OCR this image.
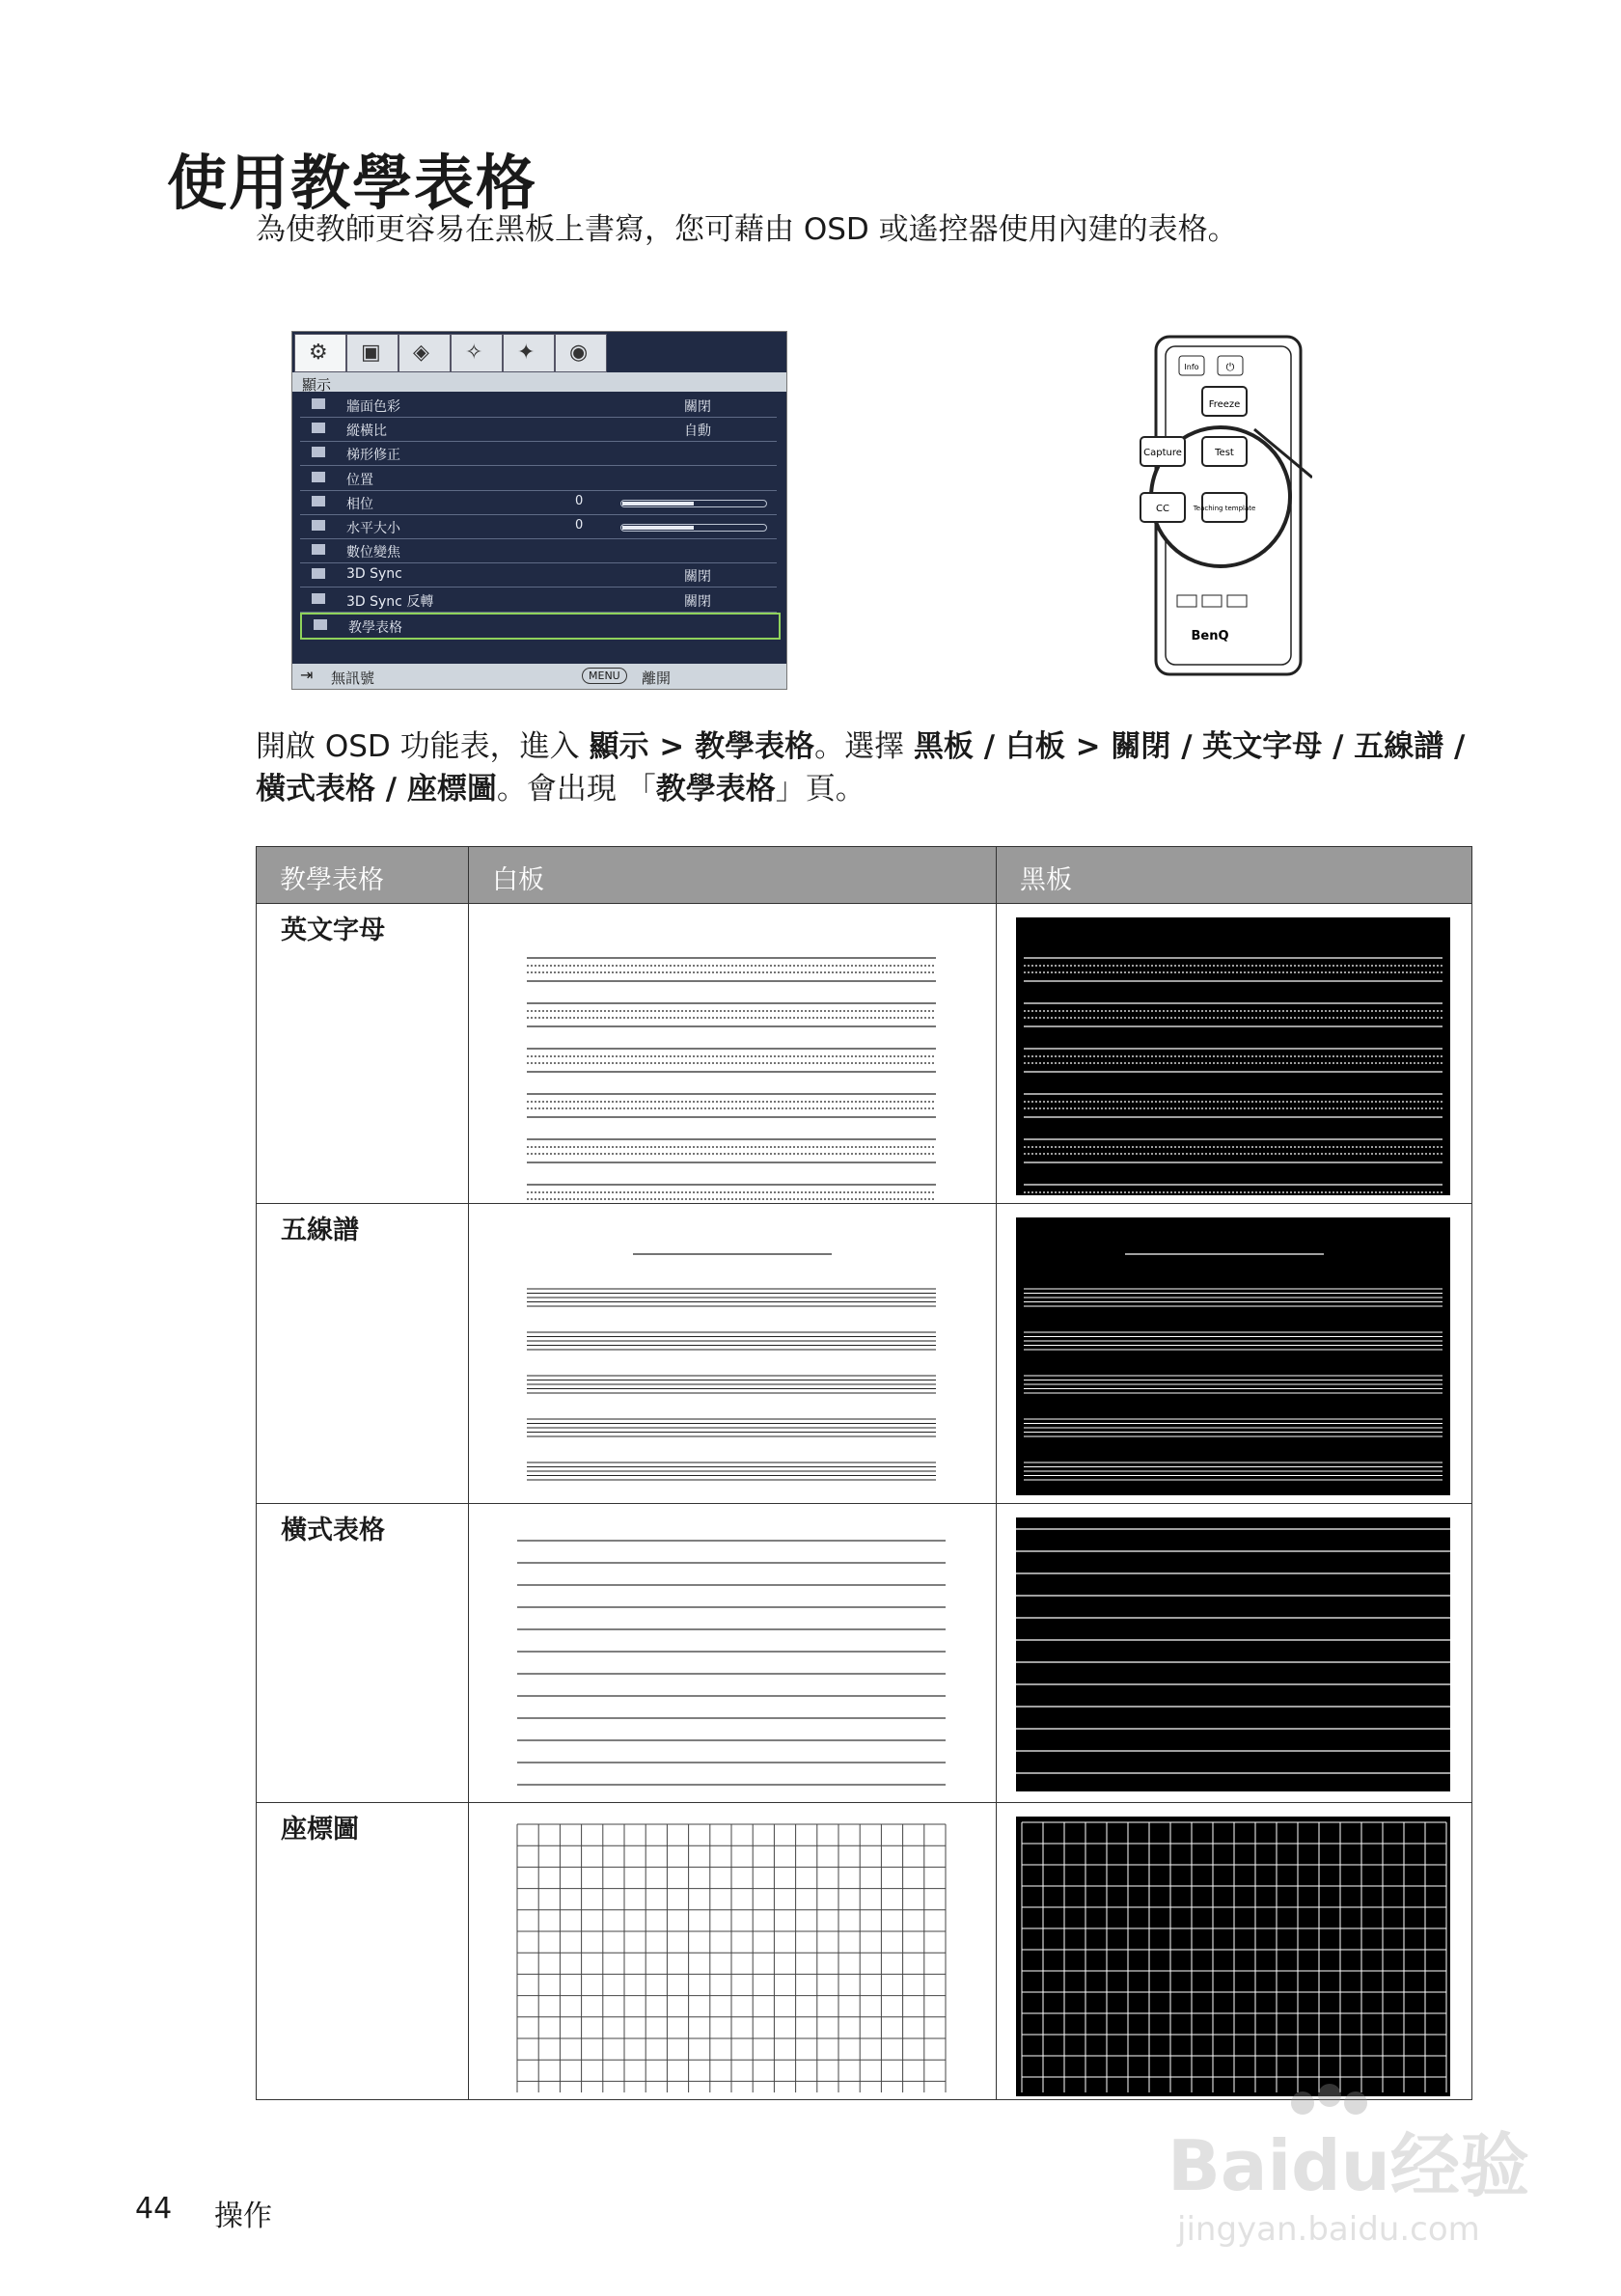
使用教學表格

為使教師更容易在黑板上書寫，您可藉由 OSD 或遙控器使用內建的表格。

⚙ ▣ ◈ ✧ ✦ ◉
顯示
牆面色彩	關閉
縱橫比	自動
梯形修正
位置
相位	0
水平大小	0
數位變焦
3D Sync	關閉
3D Sync 反轉	關閉
教學表格
⇥ 無訊號	MENU	離開
Info	⏻
Freeze
Capture	Test
CC	Teaching template
BenQ

開啟 OSD 功能表，進入 顯示 > 教學表格。選擇 黑板 / 白板 > 關閉 / 英文字母 / 五線譜 / 橫式表格 / 座標圖。會出現 「教學表格」頁。

教學表格	白板	黑板
英文字母
五線譜
橫式表格
座標圖
44 操作
Baidu经验
jingyan.baidu.com
